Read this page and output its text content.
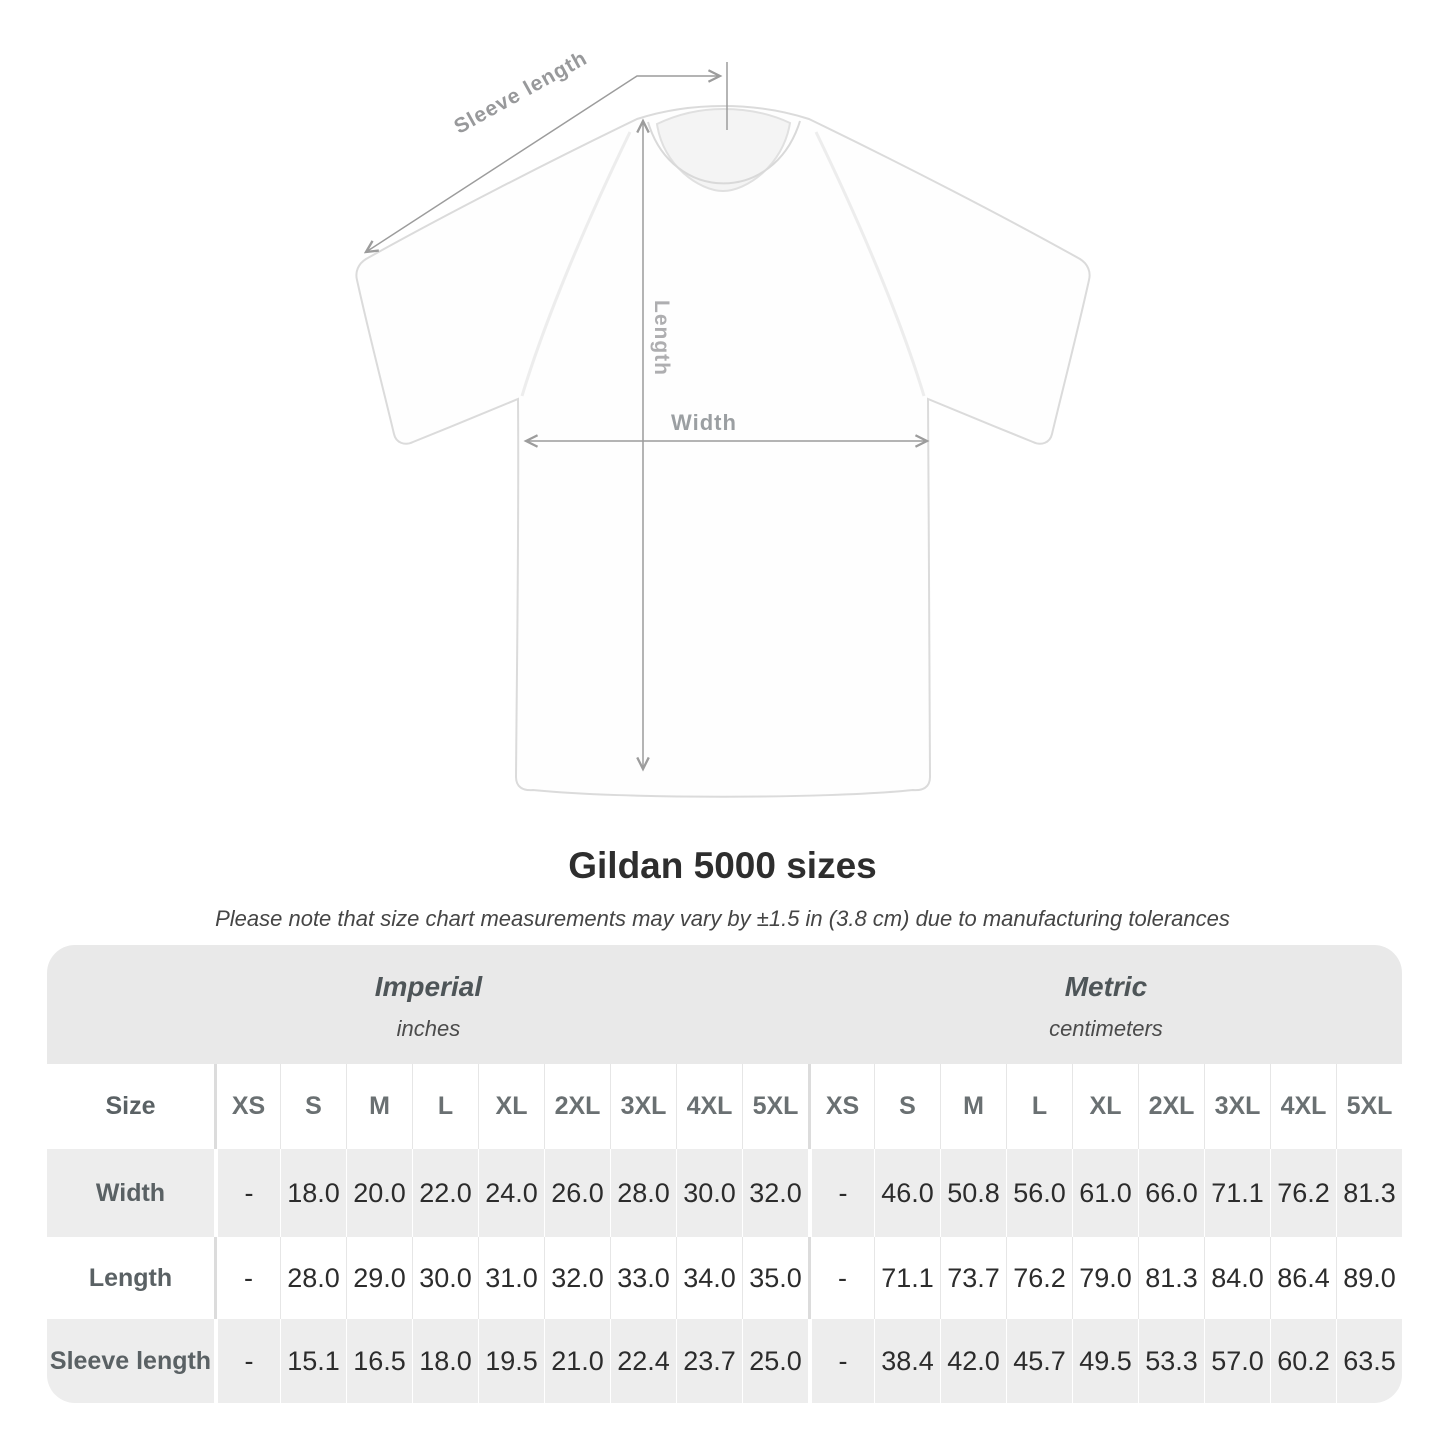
Sleeve length
Length
Width
Gildan 5000 sizes
Please note that size chart measurements may vary by ±1.5 in (3.8 cm) due to manufacturing tolerances
Imperial
inches
Metric
centimeters
Size	XS	S	M	L	XL	2XL 3XL 4XL 5XL	XS	S	M	L	XL	2XL 3XL 4XL 5XL
Width	-	18.0 20.0 22.0 24.0 26.0 28.0 30.0 32.0	-	46.0 50.8 56.0 61.0 66.0 71.1 76.2 81.3
Length	-	28.0 29.0 30.0 31.0 32.0 33.0 34.0 35.0	-	71.1 73.7 76.2 79.0 81.3 84.0 86.4 89.0
Sleeve length	-	15.1 16.5 18.0 19.5 21.0 22.4 23.7 25.0	-	38.4 42.0 45.7 49.5 53.3 57.0 60.2 63.5
